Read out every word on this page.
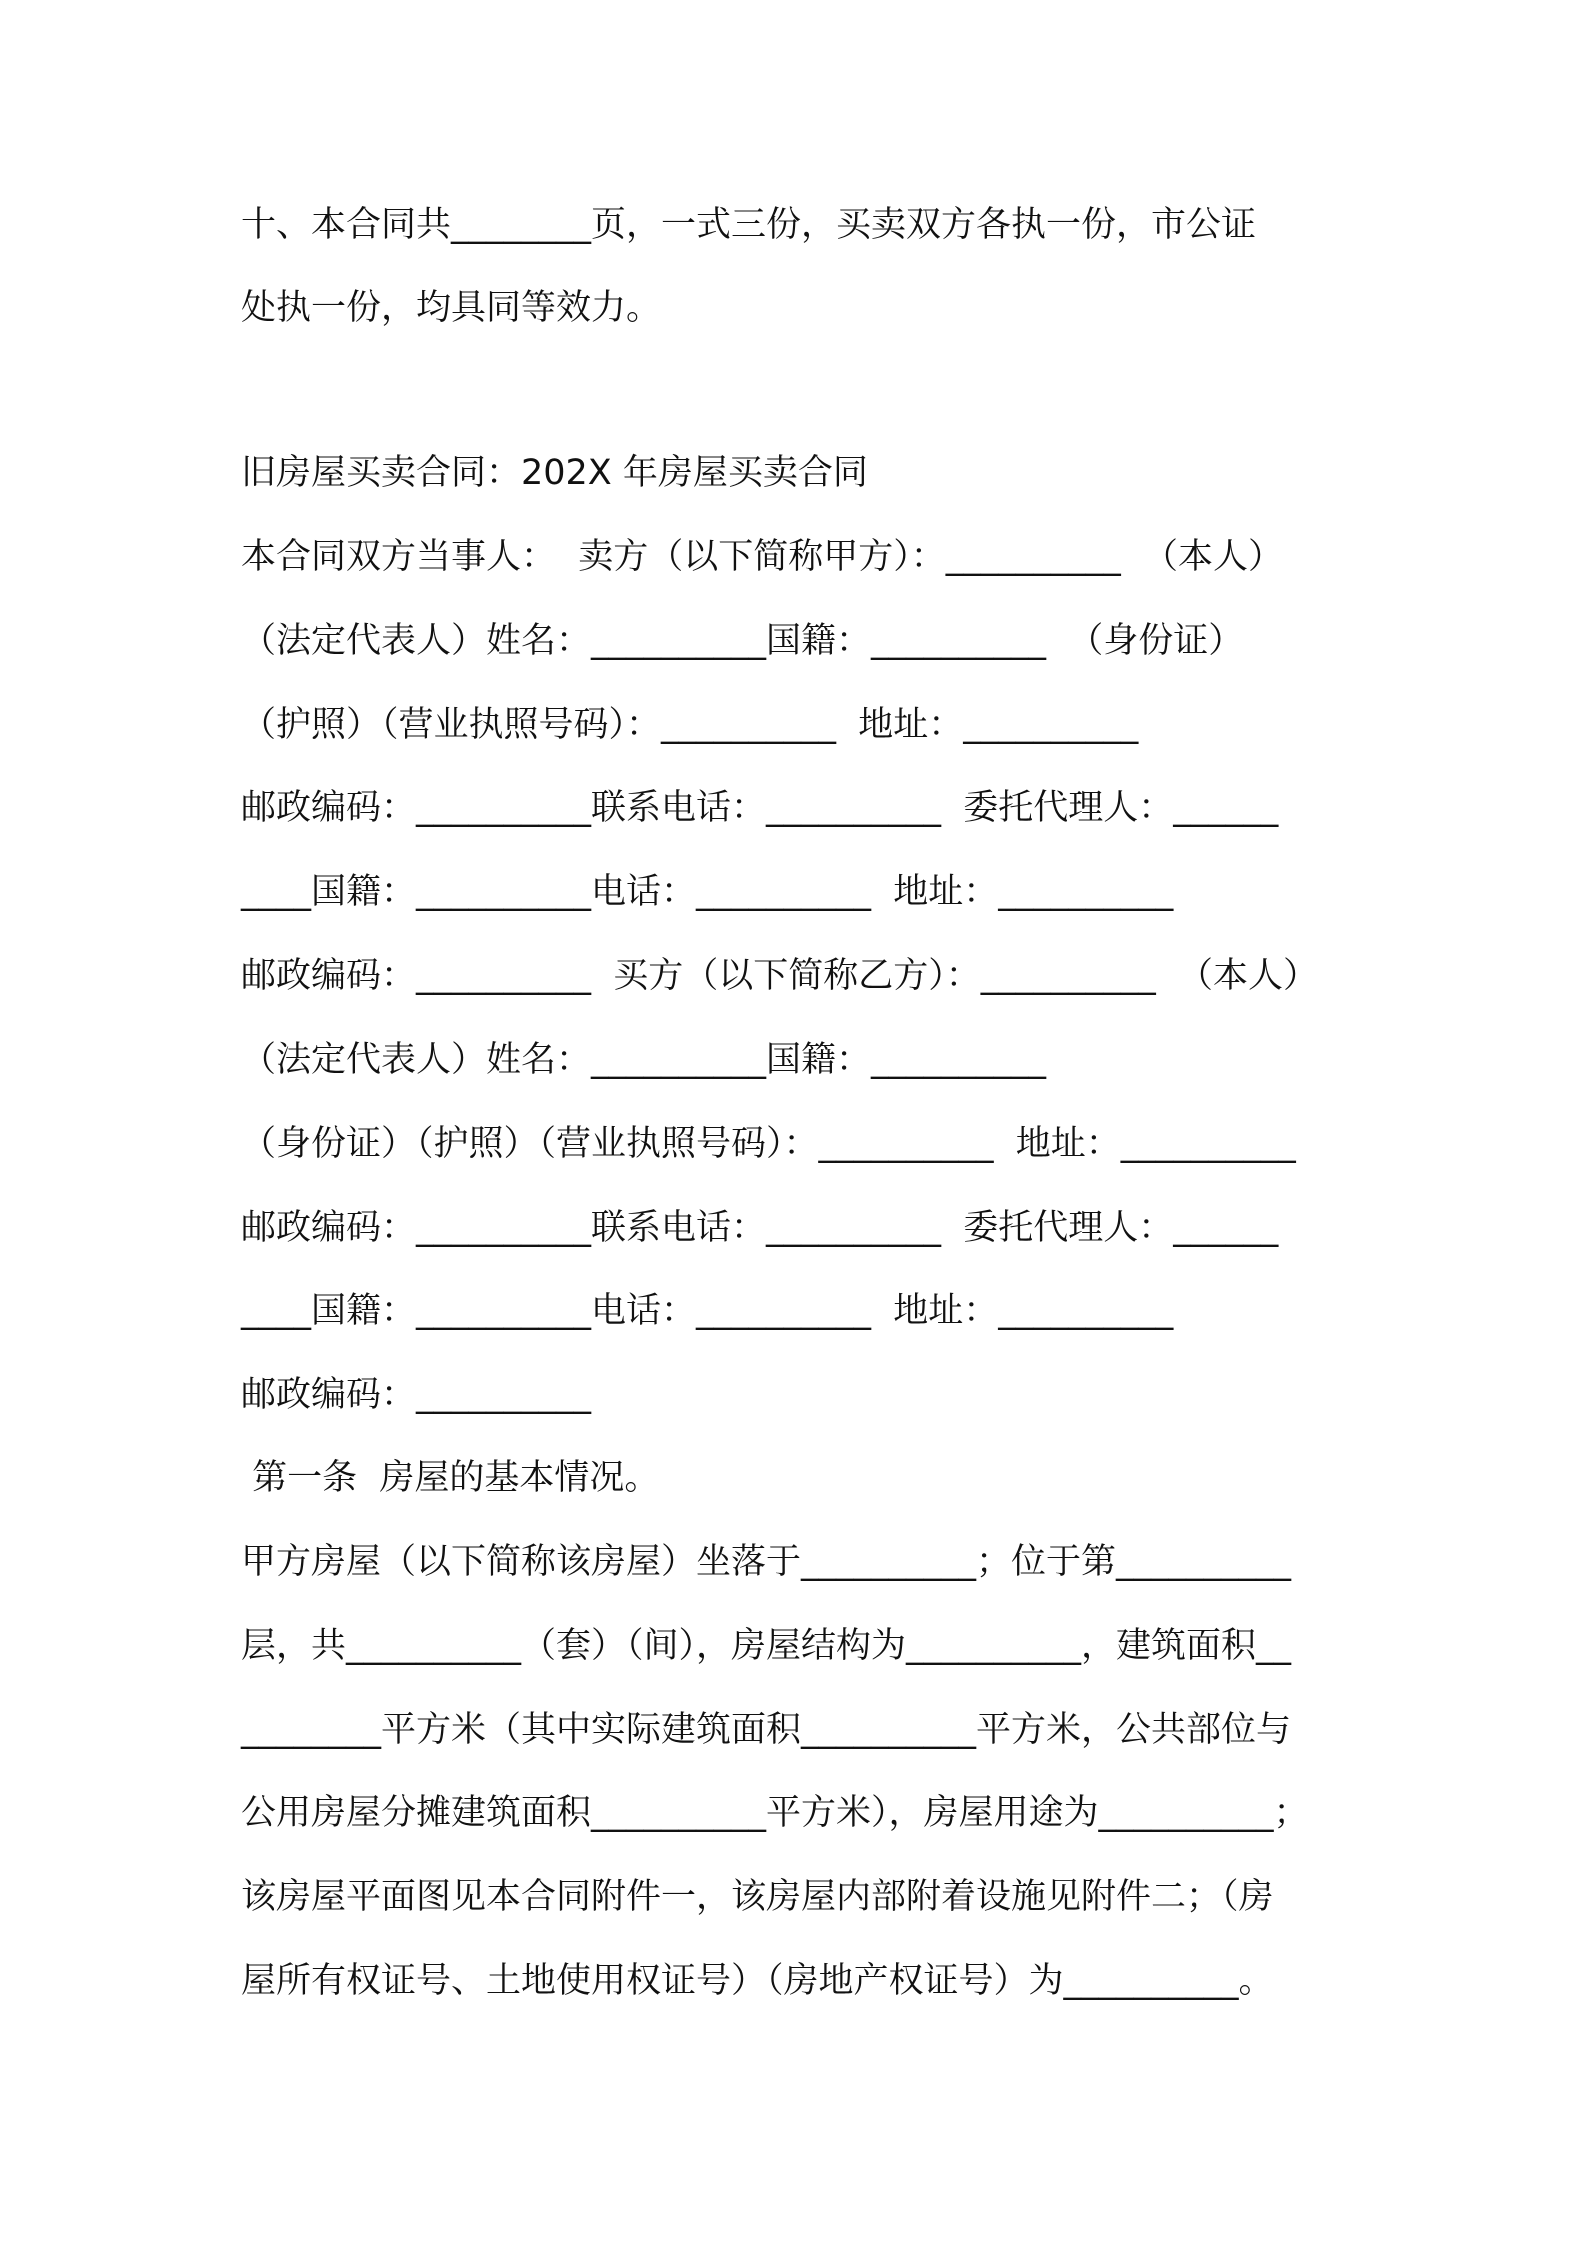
十、本合同共________页，一式三份，买卖双方各执一份，市公证
处执一份，均具同等效力。
旧房屋买卖合同：202X 年房屋买卖合同
本合同双方当事人：  卖方（以下简称甲方）：__________  （本人）
（法定代表人）姓名：__________国籍：__________  （身份证）
（护照）（营业执照号码）：__________  地址：__________
邮政编码：__________联系电话：__________  委托代理人：______
____国籍：__________电话：__________  地址：__________
邮政编码：__________  买方（以下简称乙方）：__________  （本人）
（法定代表人）姓名：__________国籍：__________
（身份证）（护照）（营业执照号码）：__________  地址：__________
邮政编码：__________联系电话：__________  委托代理人：______
____国籍：__________电话：__________  地址：__________
邮政编码：__________
第一条  房屋的基本情况。
甲方房屋（以下简称该房屋）坐落于__________；位于第__________
层，共__________（套）（间），房屋结构为__________，建筑面积__
________平方米（其中实际建筑面积__________平方米，公共部位与
公用房屋分摊建筑面积__________平方米），房屋用途为__________；
该房屋平面图见本合同附件一，该房屋内部附着设施见附件二；（房
屋所有权证号、土地使用权证号）（房地产权证号）为__________。
